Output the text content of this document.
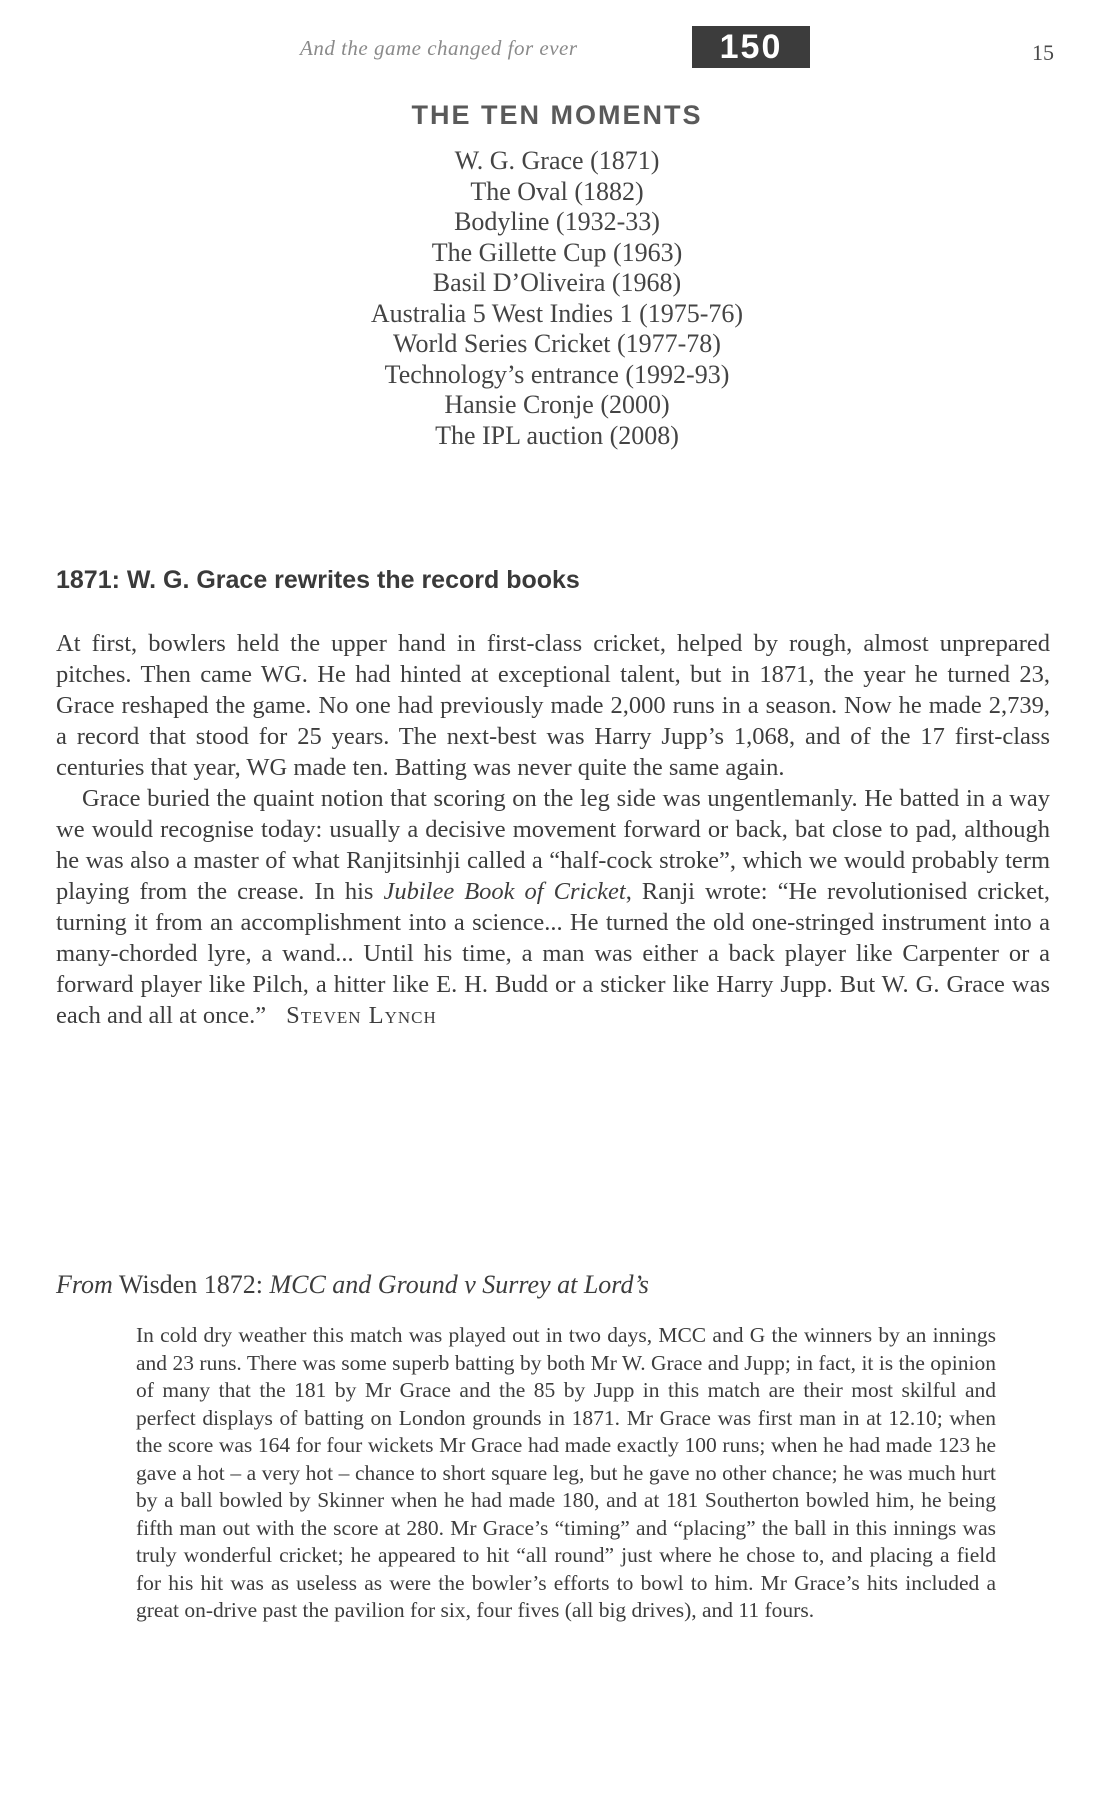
And the game changed for ever	150	15
THE TEN MOMENTS
W. G. Grace (1871)
The Oval (1882)
Bodyline (1932-33)
The Gillette Cup (1963)
Basil D’Oliveira (1968)
Australia 5 West Indies 1 (1975-76)
World Series Cricket (1977-78)
Technology’s entrance (1992-93)
Hansie Cronje (2000)
The IPL auction (2008)
1871: W. G. Grace rewrites the record books

At first, bowlers held the upper hand in first-class cricket, helped by rough, almost unprepared pitches. Then came WG. He had hinted at exceptional talent, but in 1871, the year he turned 23, Grace reshaped the game. No one had previously made 2,000 runs in a season. Now he made 2,739, a record that stood for 25 years. The next-best was Harry Jupp’s 1,068, and of the 17 first-class centuries that year, WG made ten. Batting was never quite the same again.

Grace buried the quaint notion that scoring on the leg side was ungentlemanly. He batted in a way we would recognise today: usually a decisive movement forward or back, bat close to pad, although he was also a master of what Ranjitsinhji called a “half-cock stroke”, which we would probably term playing from the crease. In his Jubilee Book of Cricket, Ranji wrote: “He revolutionised cricket, turning it from an accomplishment into a science... He turned the old one-stringed instrument into a many-chorded lyre, a wand... Until his time, a man was either a back player like Carpenter or a forward player like Pilch, a hitter like E. H. Budd or a sticker like Harry Jupp. But W. G. Grace was each and all at once.” Steven Lynch

From Wisden 1872: MCC and Ground v Surrey at Lord’s

In cold dry weather this match was played out in two days, MCC and G the winners by an innings and 23 runs. There was some superb batting by both Mr W. Grace and Jupp; in fact, it is the opinion of many that the 181 by Mr Grace and the 85 by Jupp in this match are their most skilful and perfect displays of batting on London grounds in 1871. Mr Grace was first man in at 12.10; when the score was 164 for four wickets Mr Grace had made exactly 100 runs; when he had made 123 he gave a hot – a very hot – chance to short square leg, but he gave no other chance; he was much hurt by a ball bowled by Skinner when he had made 180, and at 181 Southerton bowled him, he being fifth man out with the score at 280. Mr Grace’s “timing” and “placing” the ball in this innings was truly wonderful cricket; he appeared to hit “all round” just where he chose to, and placing a field for his hit was as useless as were the bowler’s efforts to bowl to him. Mr Grace’s hits included a great on-drive past the pavilion for six, four fives (all big drives), and 11 fours.
